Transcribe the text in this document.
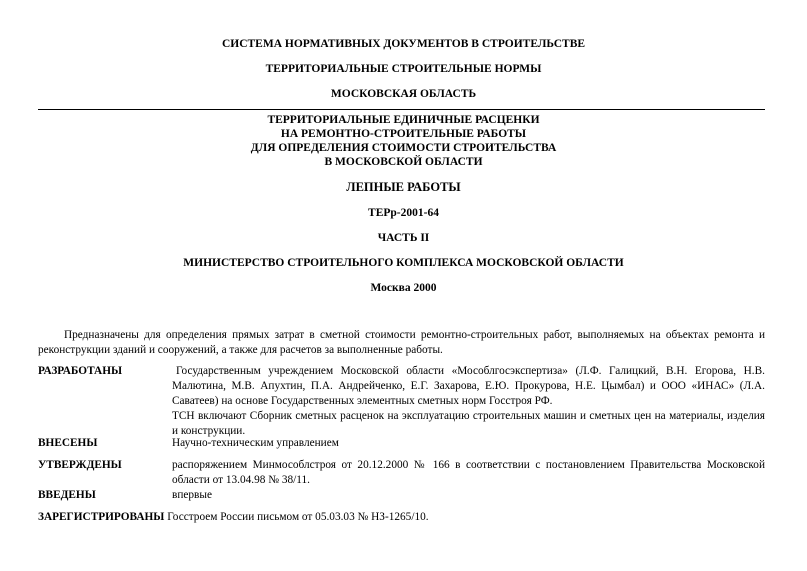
СИСТЕМА НОРМАТИВНЫХ ДОКУМЕНТОВ В СТРОИТЕЛЬСТВЕ
ТЕРРИТОРИАЛЬНЫЕ СТРОИТЕЛЬНЫЕ НОРМЫ
МОСКОВСКАЯ ОБЛАСТЬ
ТЕРРИТОРИАЛЬНЫЕ ЕДИНИЧНЫЕ РАСЦЕНКИ
НА РЕМОНТНО-СТРОИТЕЛЬНЫЕ РАБОТЫ
ДЛЯ ОПРЕДЕЛЕНИЯ СТОИМОСТИ СТРОИТЕЛЬСТВА
В МОСКОВСКОЙ ОБЛАСТИ
ЛЕПНЫЕ РАБОТЫ
ТЕРр-2001-64
ЧАСТЬ II
МИНИСТЕРСТВО СТРОИТЕЛЬНОГО КОМПЛЕКСА МОСКОВСКОЙ ОБЛАСТИ
Москва 2000
Предназначены для определения прямых затрат в сметной стоимости ремонтно-строительных работ, выполняемых на объектах ремонта и реконструкции зданий и сооружений, а также для расчетов за выполненные работы.
РАЗРАБОТАНЫ	Государственным учреждением Московской области «Мособлгосэкспертиза» (Л.Ф. Галицкий, В.Н. Егорова, Н.В. Малютина, М.В. Апухтин, П.А. Андрейченко, Е.Г. Захарова, Е.Ю. Прокурова, Н.Е. Цымбал) и ООО «ИНАС» (Л.А. Саватеев) на основе Государственных элементных сметных норм Госстроя РФ.

ТСН включают Сборник сметных расценок на эксплуатацию строительных машин и сметных цен на материалы, изделия и конструкции.

ВНЕСЕНЫ	Научно-техническим управлением
УТВЕРЖДЕНЫ	распоряжением Минмособлстроя от 20.12.2000 № 166 в соответствии с постановлением Правительства Московской области от 13.04.98 № 38/11.
ВВЕДЕНЫ	впервые
ЗАРЕГИСТРИРОВАНЫ Госстроем России письмом от 05.03.03 № НЗ-1265/10.
